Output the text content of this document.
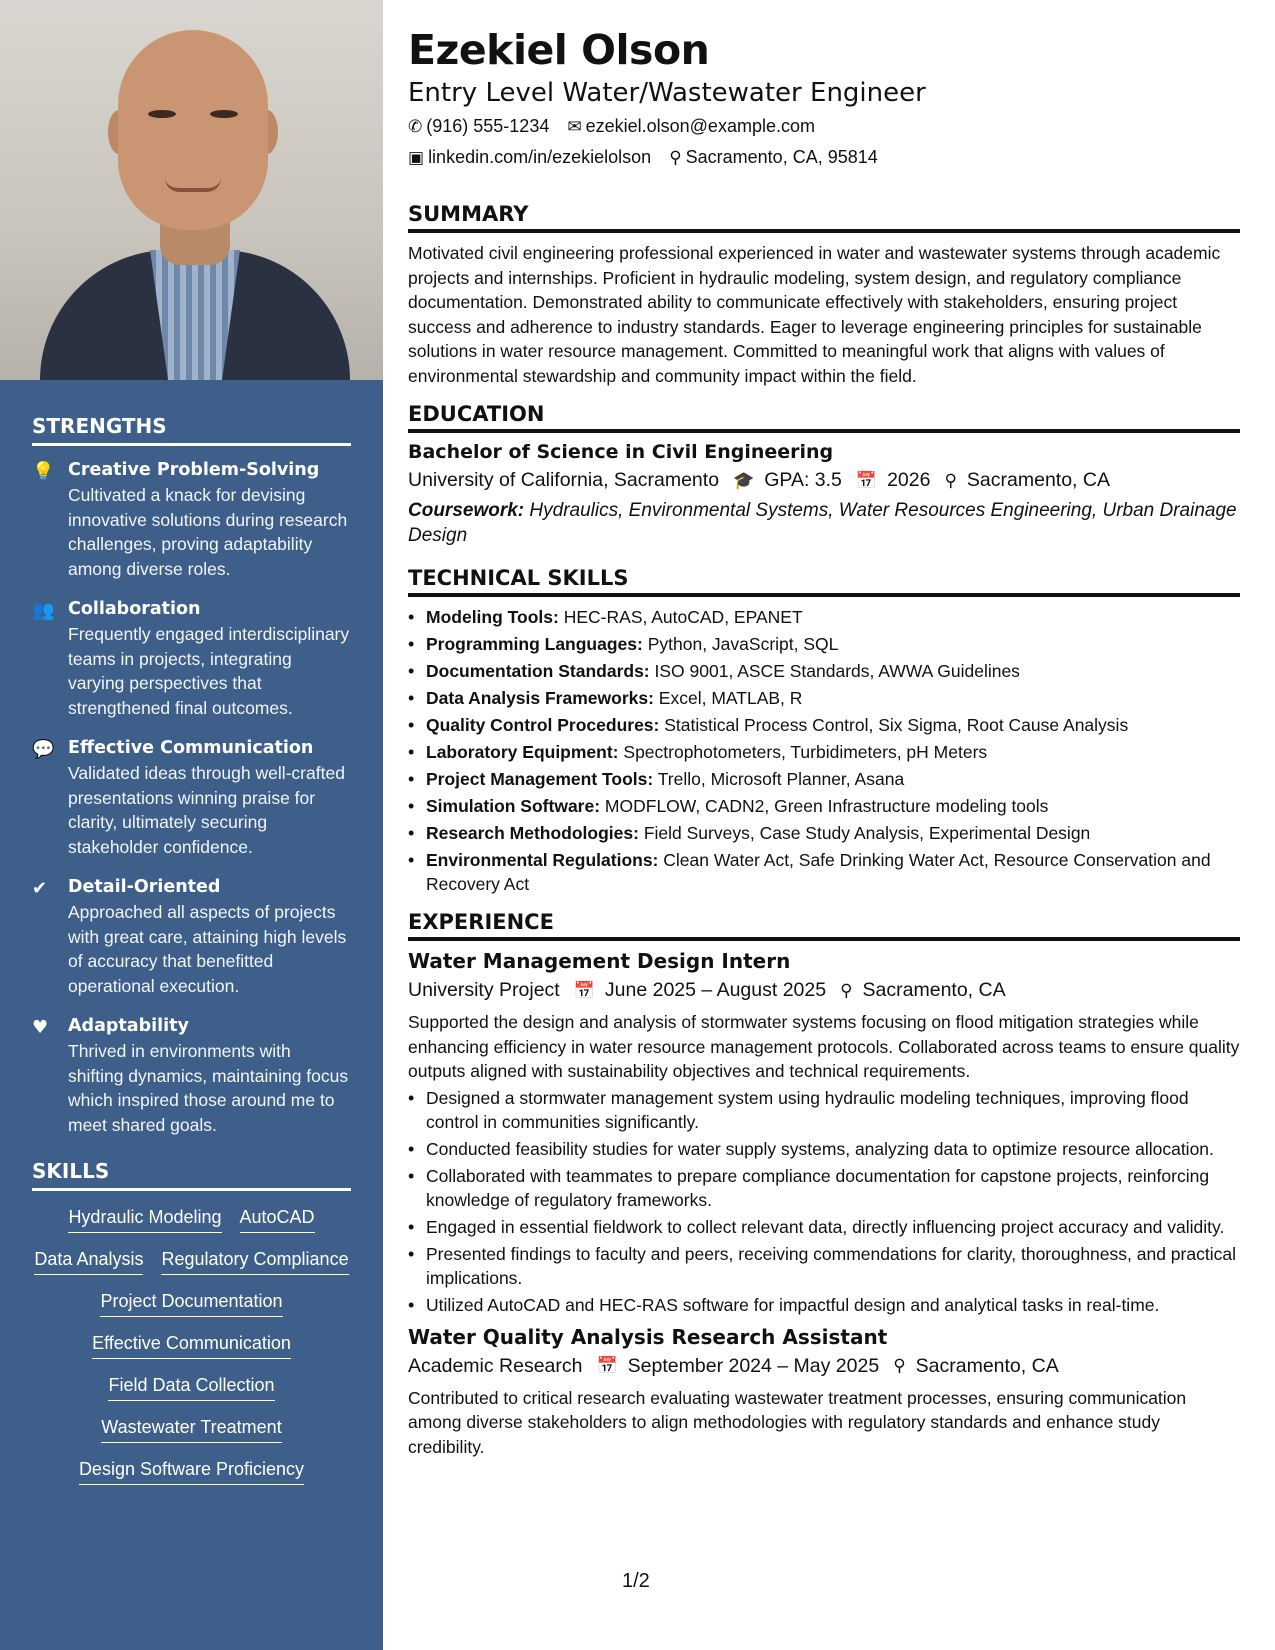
STRENGTHS
💡 Creative Problem-Solving
Cultivated a knack for devising innovative solutions during research challenges, proving adaptability among diverse roles.
👥 Collaboration
Frequently engaged interdisciplinary teams in projects, integrating varying perspectives that strengthened final outcomes.
💬 Effective Communication
Validated ideas through well-crafted presentations winning praise for clarity, ultimately securing stakeholder confidence.
✔	Detail-Oriented
Approached all aspects of projects with great care, attaining high levels of accuracy that benefitted operational execution.
♥	Adaptability
Thrived in environments with shifting dynamics, maintaining focus which inspired those around me to meet shared goals.
SKILLS
Hydraulic Modeling AutoCAD
Data Analysis Regulatory Compliance
Project Documentation
Effective Communication
Field Data Collection
Wastewater Treatment
Design Software Proficiency
Ezekiel Olson
Entry Level Water/Wastewater Engineer
✆ (916) 555-1234 ✉ ezekiel.olson@example.com
▣ linkedin.com/in/ezekielolson ⚲ Sacramento, CA, 95814
SUMMARY
Motivated civil engineering professional experienced in water and wastewater systems through academic projects and internships. Proficient in hydraulic modeling, system design, and regulatory compliance documentation. Demonstrated ability to communicate effectively with stakeholders, ensuring project success and adherence to industry standards. Eager to leverage engineering principles for sustainable solutions in water resource management. Committed to meaningful work that aligns with values of environmental stewardship and community impact within the field.
EDUCATION
Bachelor of Science in Civil Engineering
University of California, Sacramento 🎓 GPA: 3.5 📅 2026 ⚲ Sacramento, CA
Coursework: Hydraulics, Environmental Systems, Water Resources Engineering, Urban Drainage Design
TECHNICAL SKILLS
• Modeling Tools: HEC-RAS, AutoCAD, EPANET
• Programming Languages: Python, JavaScript, SQL
• Documentation Standards: ISO 9001, ASCE Standards, AWWA Guidelines
• Data Analysis Frameworks: Excel, MATLAB, R
• Quality Control Procedures: Statistical Process Control, Six Sigma, Root Cause Analysis
• Laboratory Equipment: Spectrophotometers, Turbidimeters, pH Meters
• Project Management Tools: Trello, Microsoft Planner, Asana
• Simulation Software: MODFLOW, CADN2, Green Infrastructure modeling tools
• Research Methodologies: Field Surveys, Case Study Analysis, Experimental Design
• Environmental Regulations: Clean Water Act, Safe Drinking Water Act, Resource Conservation and Recovery Act
EXPERIENCE
Water Management Design Intern
University Project 📅 June 2025 – August 2025 ⚲ Sacramento, CA
Supported the design and analysis of stormwater systems focusing on flood mitigation strategies while enhancing efficiency in water resource management protocols. Collaborated across teams to ensure quality outputs aligned with sustainability objectives and technical requirements.
• Designed a stormwater management system using hydraulic modeling techniques, improving flood control in communities significantly.
• Conducted feasibility studies for water supply systems, analyzing data to optimize resource allocation.
• Collaborated with teammates to prepare compliance documentation for capstone projects, reinforcing knowledge of regulatory frameworks.
• Engaged in essential fieldwork to collect relevant data, directly influencing project accuracy and validity.
• Presented findings to faculty and peers, receiving commendations for clarity, thoroughness, and practical implications.
• Utilized AutoCAD and HEC-RAS software for impactful design and analytical tasks in real-time.
Water Quality Analysis Research Assistant
Academic Research 📅 September 2024 – May 2025 ⚲ Sacramento, CA
Contributed to critical research evaluating wastewater treatment processes, ensuring communication among diverse stakeholders to align methodologies with regulatory standards and enhance study credibility.
1/2
